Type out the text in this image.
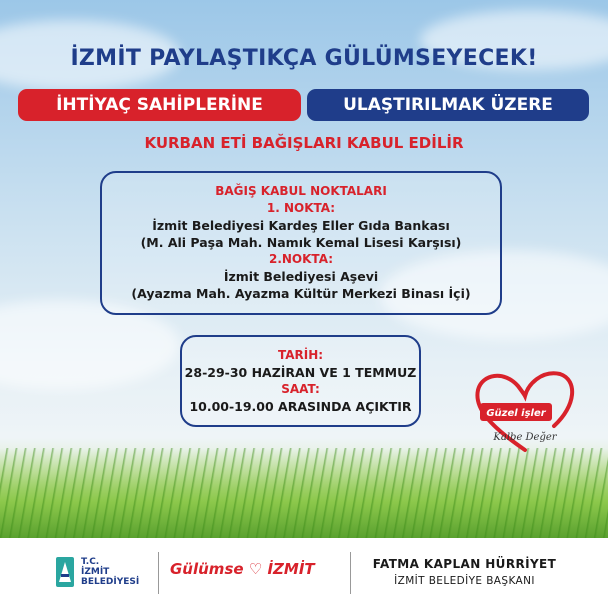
İZMİT PAYLAŞTIKÇA GÜLÜMSEYECEK!
İHTİYAÇ SAHİPLERİNE	ULAŞTIRILMAK ÜZERE
KURBAN ETİ BAĞIŞLARI KABUL EDİLİR
BAĞIŞ KABUL NOKTALARI
1. NOKTA:
İzmit Belediyesi Kardeş Eller Gıda Bankası
(M. Ali Paşa Mah. Namık Kemal Lisesi Karşısı)
2.NOKTA:
İzmit Belediyesi Aşevi
(Ayazma Mah. Ayazma Kültür Merkezi Binası İçi)
TARİH:
28-29-30 HAZİRAN VE 1 TEMMUZ
SAAT:
10.00-19.00 ARASINDA AÇIKTIR	Güzel işler
Kalbe Değer
T.C.
İZMİT
BELEDİYESİ
Gülümse ♡ İZMİT	FATMA KAPLAN HÜRRİYET
İZMİT BELEDİYE BAŞKANI
